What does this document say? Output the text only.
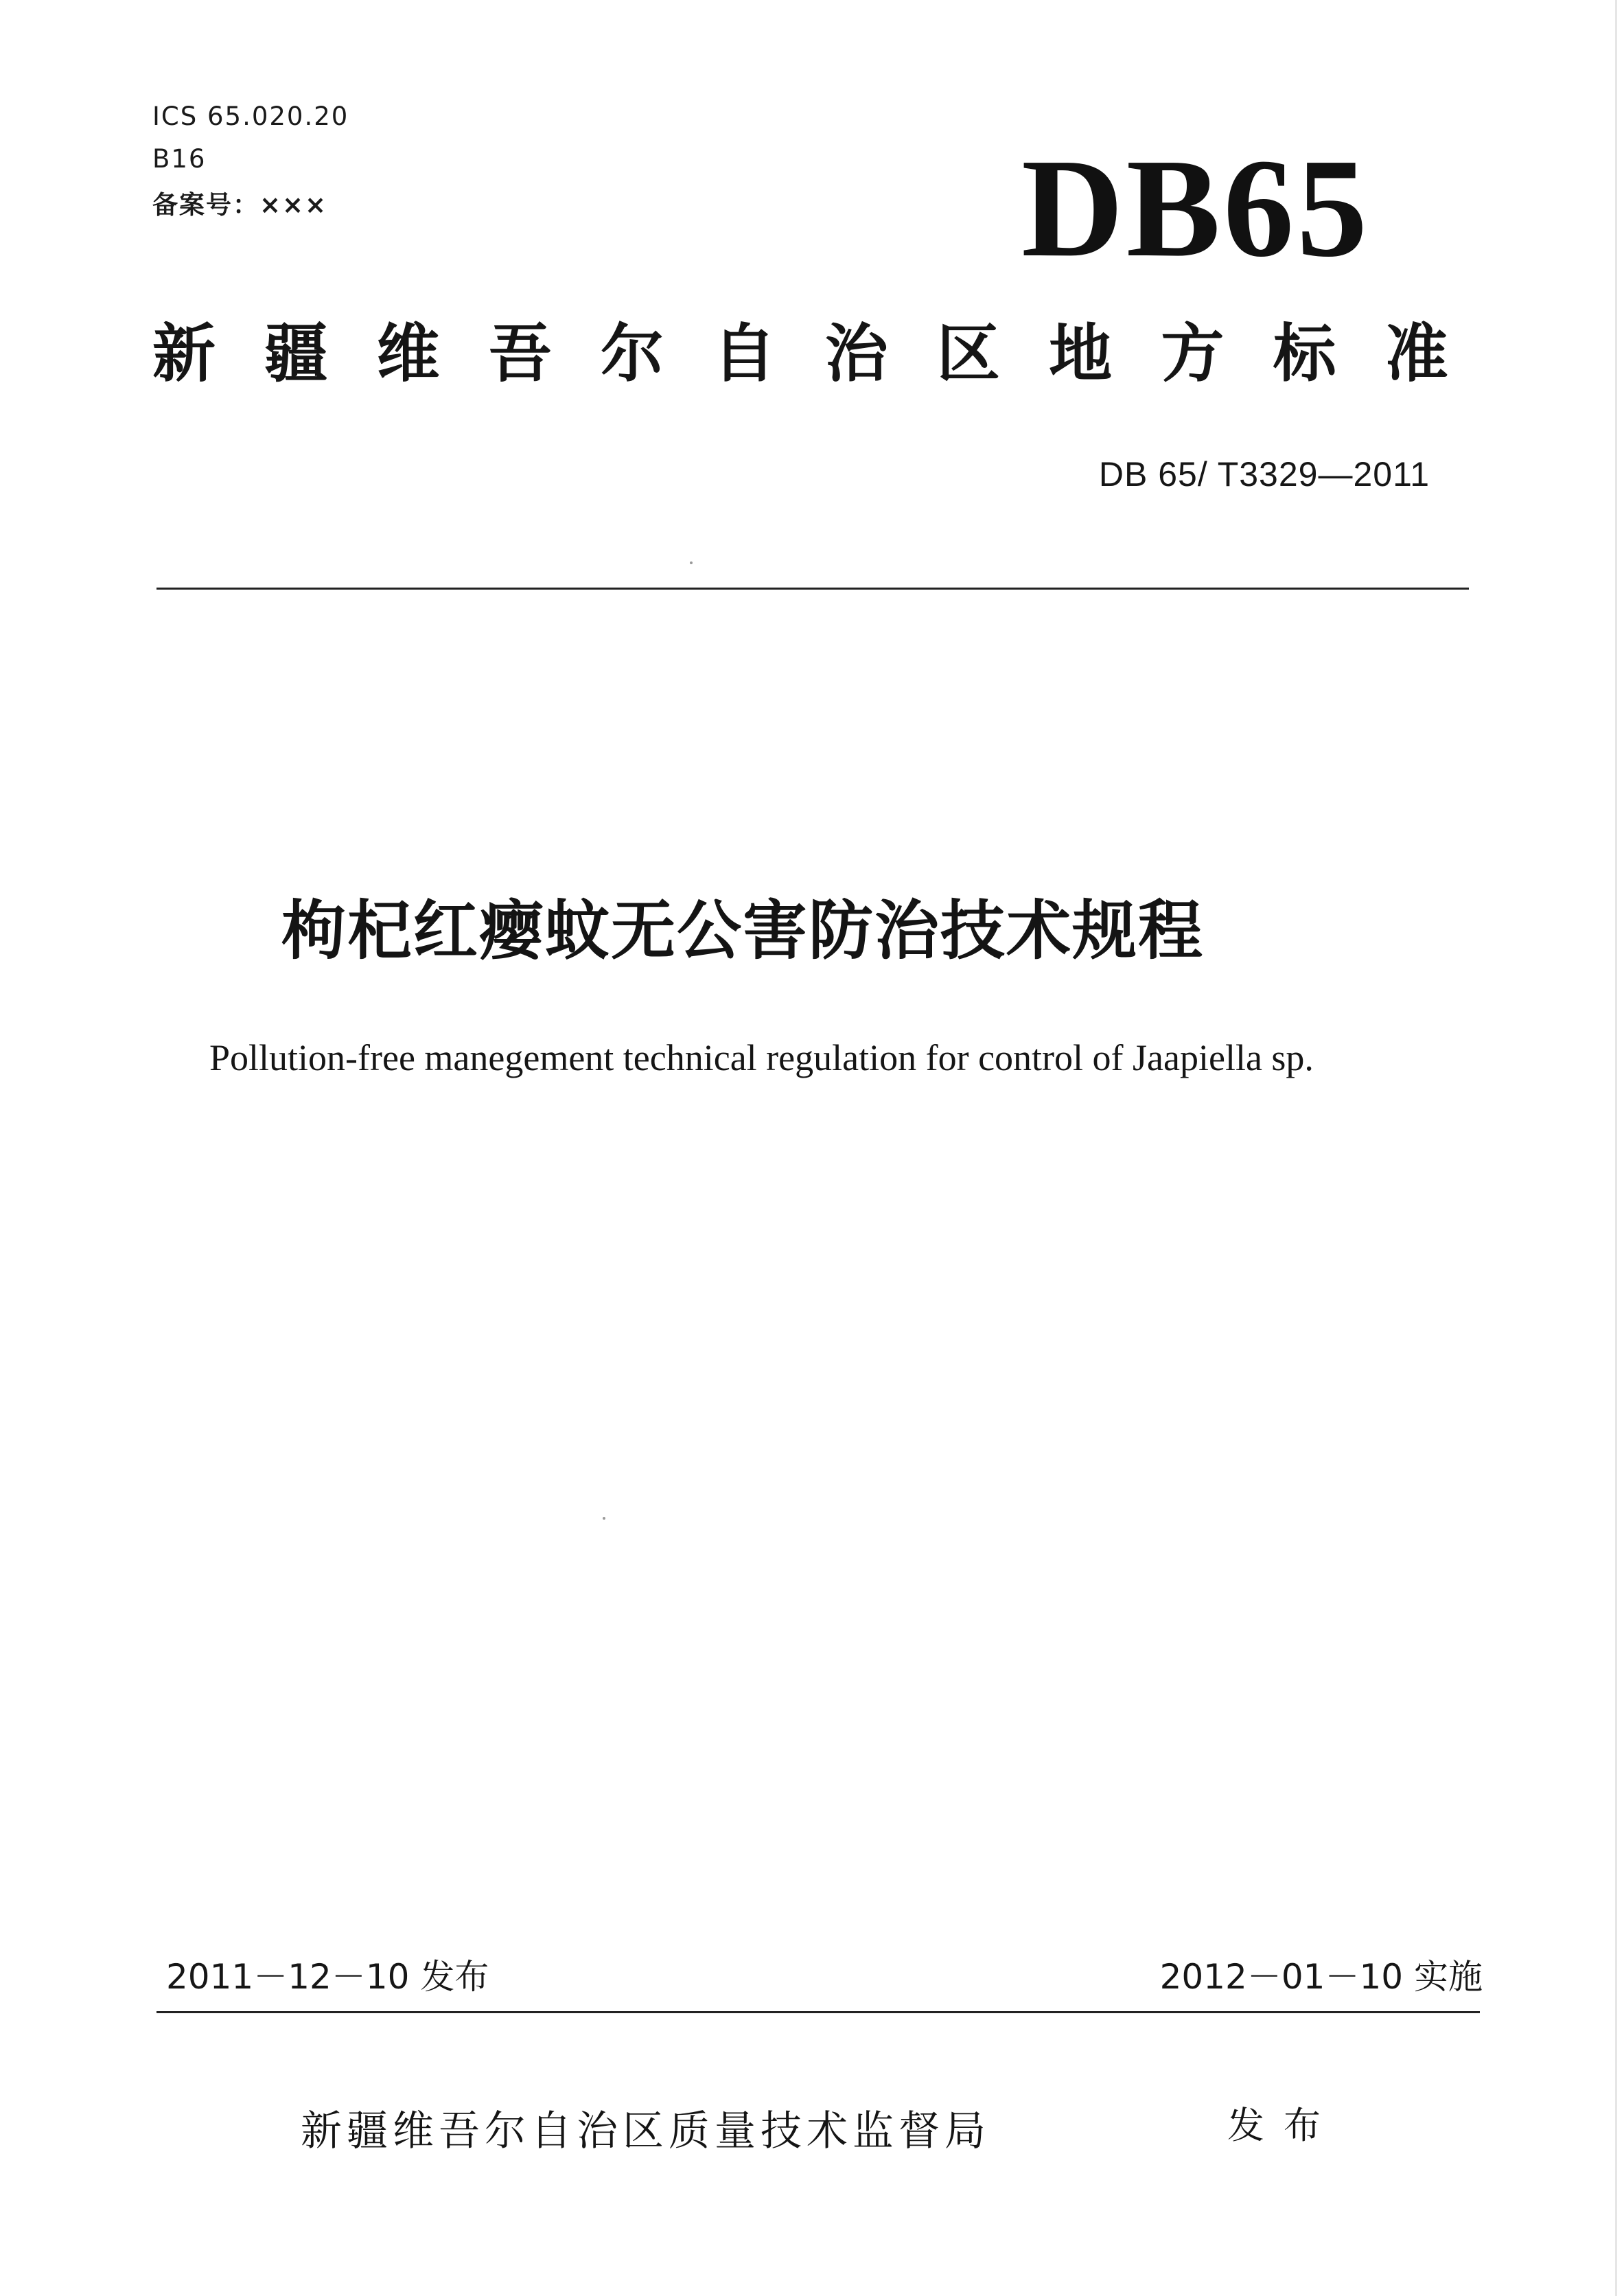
ICS 65.020.20
B16
备案号：×××	DB65
新 疆 维 吾 尔 自 治 区 地 方 标 准
DB 65/ T3329—2011
枸杞红瘿蚊无公害防治技术规程
Pollution-free manegement technical regulation for control of Jaapiella sp.
2011－12－10 发布	2012－01－10 实施
新疆维吾尔自治区质量技术监督局	发布
